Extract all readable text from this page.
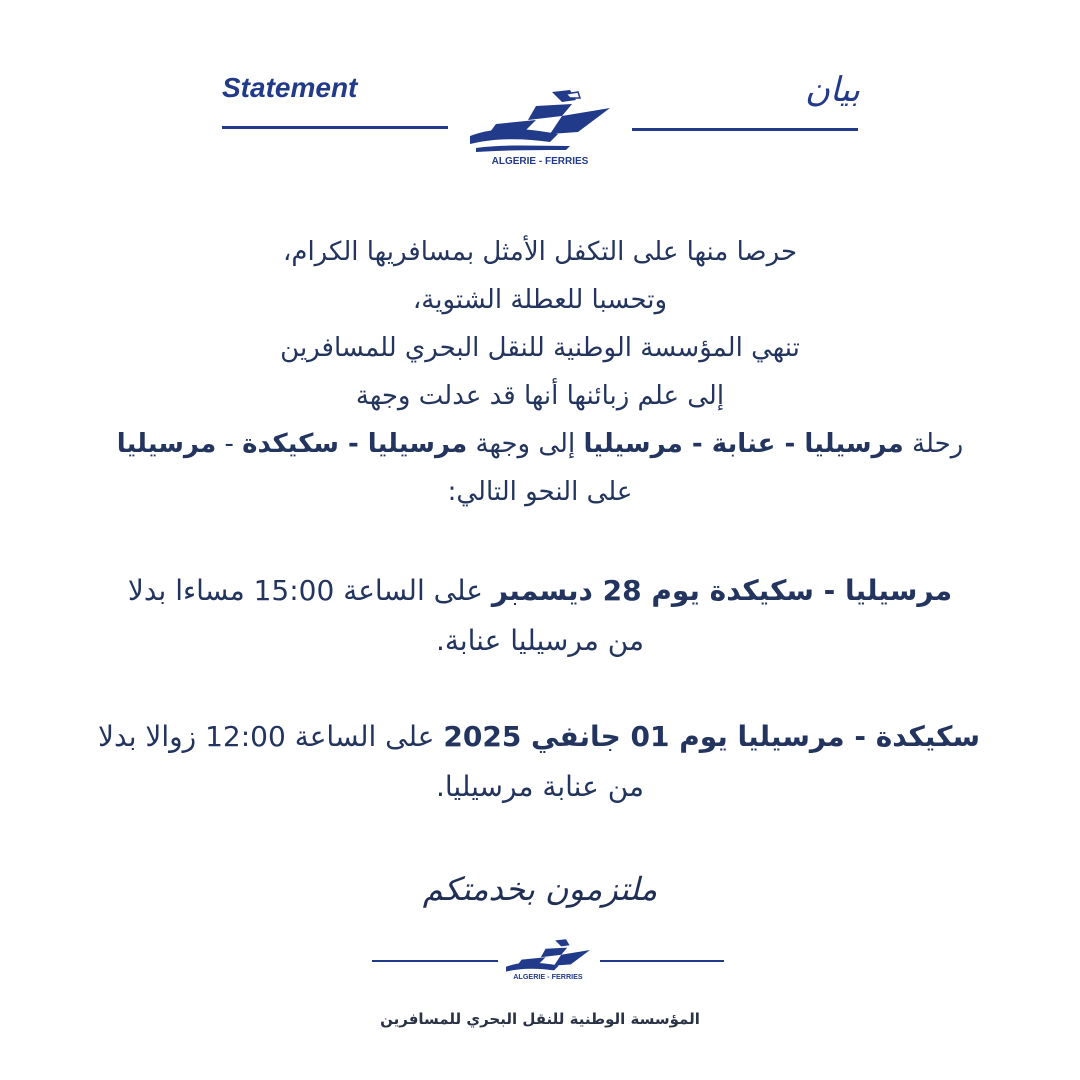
Statement	بيان
ALGERIE - FERRIES
حرصا منها على التكفل الأمثل بمسافريها الكرام،
وتحسبا للعطلة الشتوية،
تنهي المؤسسة الوطنية للنقل البحري للمسافرين
إلى علم زبائنها أنها قد عدلت وجهة
رحلة مرسيليا - عنابة - مرسيليا إلى وجهة مرسيليا - سكيكدة - مرسيليا
على النحو التالي:
مرسيليا - سكيكدة يوم 28 ديسمبر على الساعة 15:00 مساءا بدلا
من مرسيليا عنابة.
سكيكدة - مرسيليا يوم 01 جانفي 2025 على الساعة 12:00 زوالا بدلا
من عنابة مرسيليا.
ملتزمون بخدمتكم
ALGERIE - FERRIES
المؤسسة الوطنية للنقل البحري للمسافرين
